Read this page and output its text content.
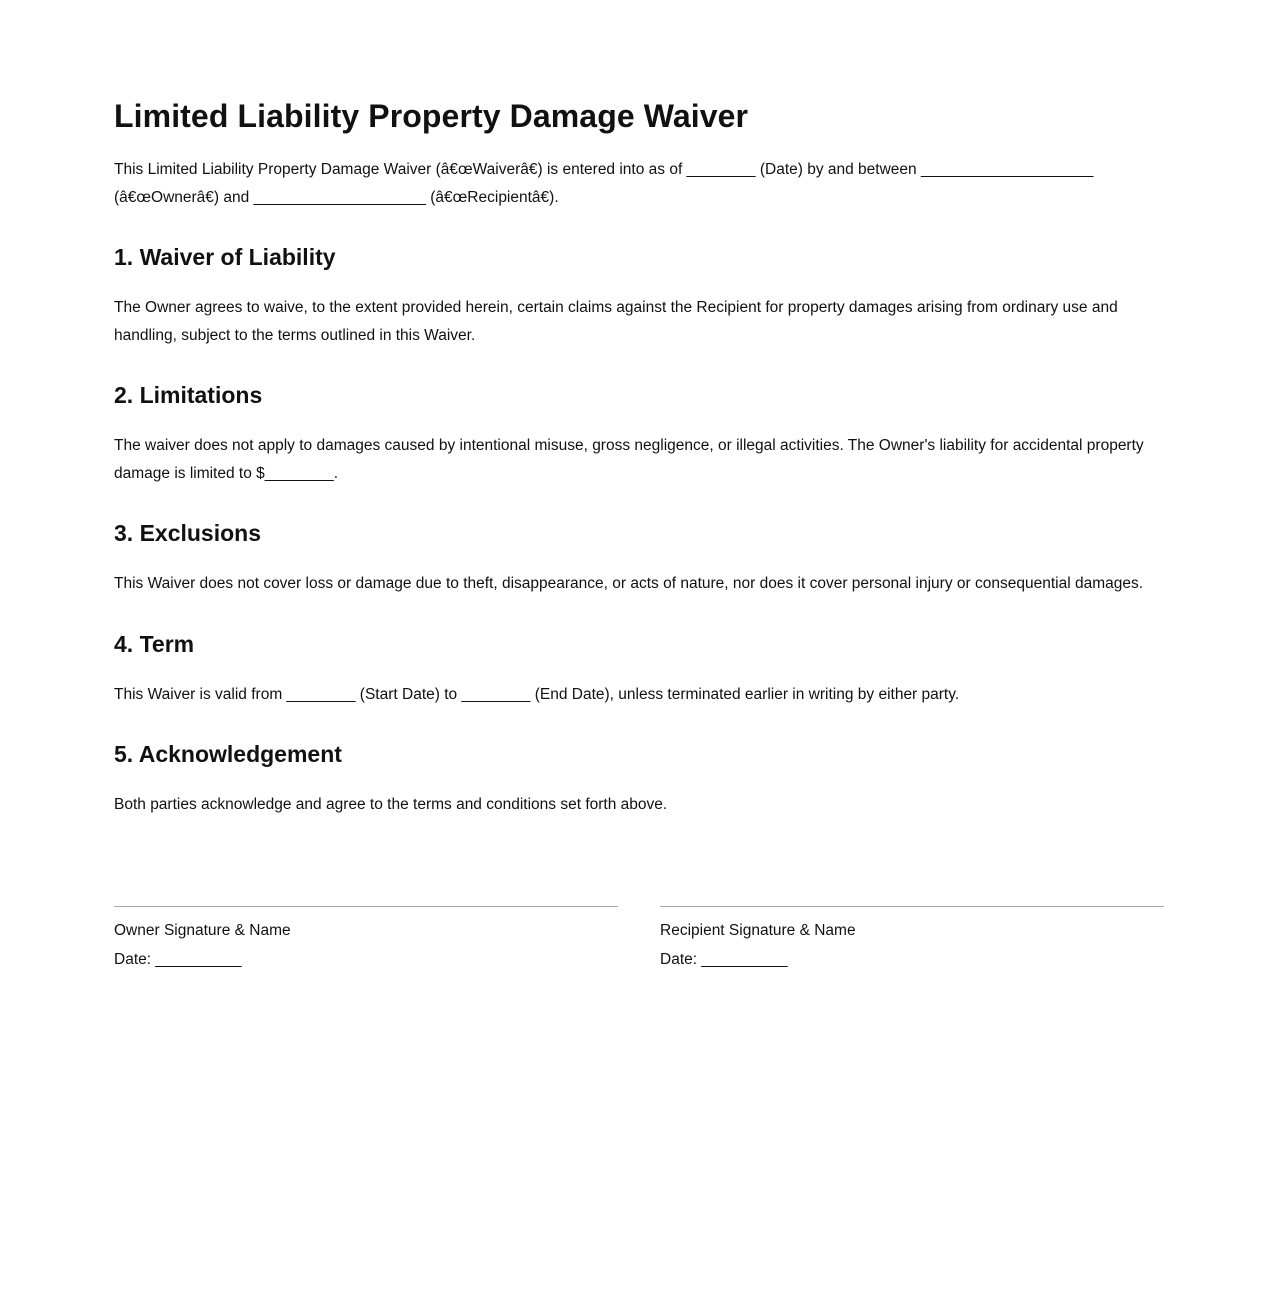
Limited Liability Property Damage Waiver

This Limited Liability Property Damage Waiver (â€œWaiverâ€) is entered into as of ________ (Date) by and between ____________________ (â€œOwnerâ€) and ____________________ (â€œRecipientâ€).

1. Waiver of Liability

The Owner agrees to waive, to the extent provided herein, certain claims against the Recipient for property damages arising from ordinary use and handling, subject to the terms outlined in this Waiver.

2. Limitations

The waiver does not apply to damages caused by intentional misuse, gross negligence, or illegal activities. The Owner's liability for accidental property damage is limited to $________.

3. Exclusions

This Waiver does not cover loss or damage due to theft, disappearance, or acts of nature, nor does it cover personal injury or consequential damages.

4. Term

This Waiver is valid from ________ (Start Date) to ________ (End Date), unless terminated earlier in writing by either party.

5. Acknowledgement

Both parties acknowledge and agree to the terms and conditions set forth above.

Owner Signature & Name
Date: __________
Recipient Signature & Name
Date: __________
